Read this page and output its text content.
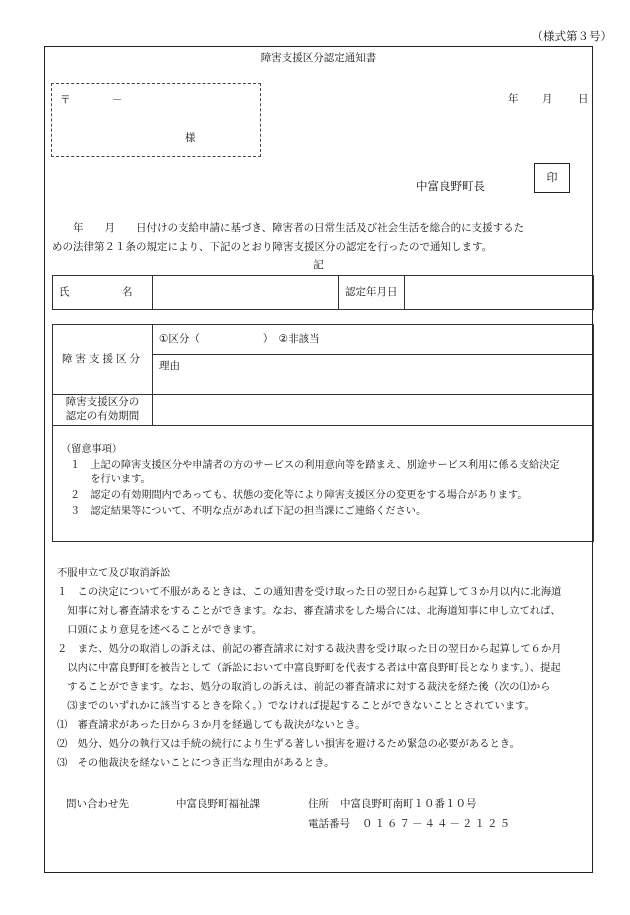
（様式第３号）
障害支援区分認定通知書
〒	－
様
年 月 日
印
中富良野町長
　　年　　月　　日付けの支給申請に基づき、障害者の日常生活及び社会生活を総合的に支援するた
めの法律第２１条の規定により、下記のとおり障害支援区分の認定を行ったので通知します。
記
氏　　　　　名		認定年月日	
障害支援区分	①区分（　　　　　　）　②非該当
	理由

障害支援区分の
認定の有効期間	

（留意事項）
１　上記の障害支援区分や申請者の方のサービスの利用意向等を踏まえ、別途サービス利用に係る支給決定
　　を行います。
２　認定の有効期間内であっても、状態の変化等により障害支援区分の変更をする場合があります。
３　認定結果等について、不明な点があれば下記の担当課にご連絡ください。
不服申立て及び取消訴訟
１　この決定について不服があるときは、この通知書を受け取った日の翌日から起算して３か月以内に北海道
　知事に対し審査請求をすることができます。なお、審査請求をした場合には、北海道知事に申し立てれば、
　口頭により意見を述べることができます。
２　また、処分の取消しの訴えは、前記の審査請求に対する裁決書を受け取った日の翌日から起算して６か月
　以内に中富良野町を被告として（訴訟において中富良野町を代表する者は中富良野町長となります。）、提起
　することができます。なお、処分の取消しの訴えは、前記の審査請求に対する裁決を経た後（次の⑴から
　⑶までのいずれかに該当するときを除く。）でなければ提起することができないこととされています。
⑴　審査請求があった日から３か月を経過しても裁決がないとき。
⑵　処分、処分の執行又は手続の続行により生ずる著しい損害を避けるため緊急の必要があるとき。
⑶　その他裁決を経ないことにつき正当な理由があるとき。
問い合わせ先	中富良野町福祉課	住所 中富良野町南町１０番１０号
電話番号 ０１６７－４４－２１２５
